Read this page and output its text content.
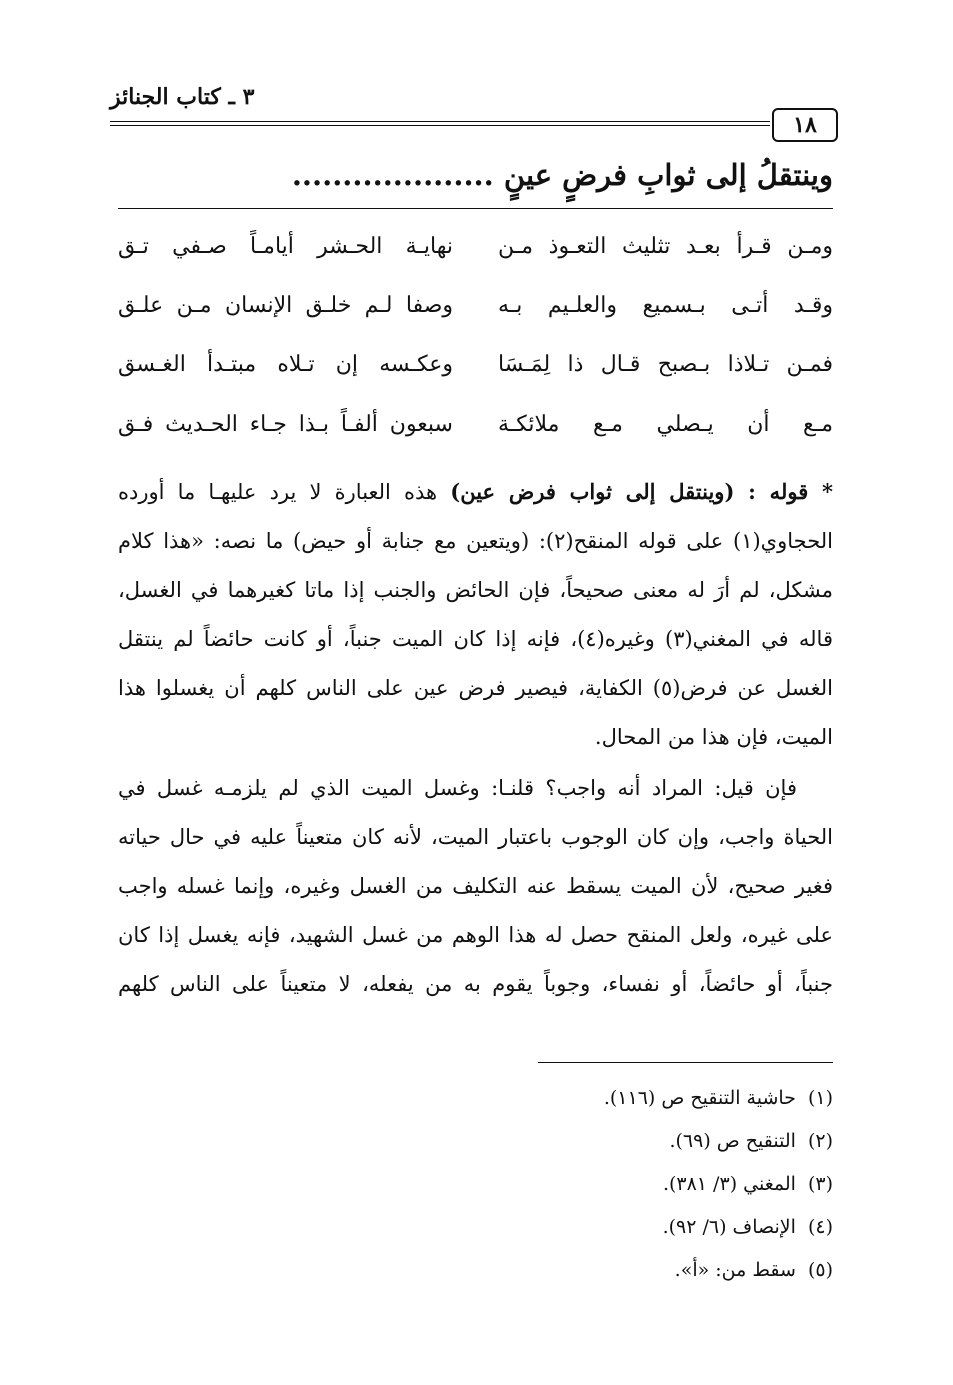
٣ ـ كتاب الجنائز
١٨
وينتقلُ إلى ثوابِ فرضٍ عينٍ ....................
ومـن قـرأ بعـد تثليث التعـوذ مـن
نهايـة الحـشر أيامـاً صـفي تـق
وقـد أتـى بـسميع والعلـيم بـه
وصفا لـم خلـق الإنسان مـن علـق
فمـن تـلاذا بـصبح قـال ذا لِمَـسَا
وعكـسه إن تـلاه مبتـدأ الغـسق
مـع أن يـصلي مـع ملائكـة
سبعون ألفـاً بـذا جـاء الحـديث فـق
* قوله : (وينتقل إلى ثواب فرض عين) هذه العبارة لا يرد عليهـا ما أورده
الحجاوي(١) على قوله المنقح(٢): (ويتعين مع جنابة أو حيض) ما نصه: «هذا كلام
مشكل، لم أرَ له معنى صحيحاً، فإن الحائض والجنب إذا ماتا كغيرهما في الغسل،
قاله في المغني(٣) وغيره(٤)، فإنه إذا كان الميت جنباً، أو كانت حائضاً لم ينتقل
الغسل عن فرض(٥) الكفاية، فيصير فرض عين على الناس كلهم أن يغسلوا هذا
الميت، فإن هذا من المحال.
فإن قيل: المراد أنه واجب؟ قلنـا: وغسل الميت الذي لم يلزمـه غسل في
الحياة واجب، وإن كان الوجوب باعتبار الميت، لأنه كان متعيناً عليه في حال حياته
فغير صحيح، لأن الميت يسقط عنه التكليف من الغسل وغيره، وإنما غسله واجب
على غيره، ولعل المنقح حصل له هذا الوهم من غسل الشهيد، فإنه يغسل إذا كان
جنباً، أو حائضاً، أو نفساء، وجوباً يقوم به من يفعله، لا متعيناً على الناس كلهم
(١)حاشية التنقيح ص (١١٦).
(٢)التنقيح ص (٦٩).
(٣)المغني (٣/ ٣٨١).
(٤)الإنصاف (٦/ ٩٢).
(٥)سقط من: «أ».
